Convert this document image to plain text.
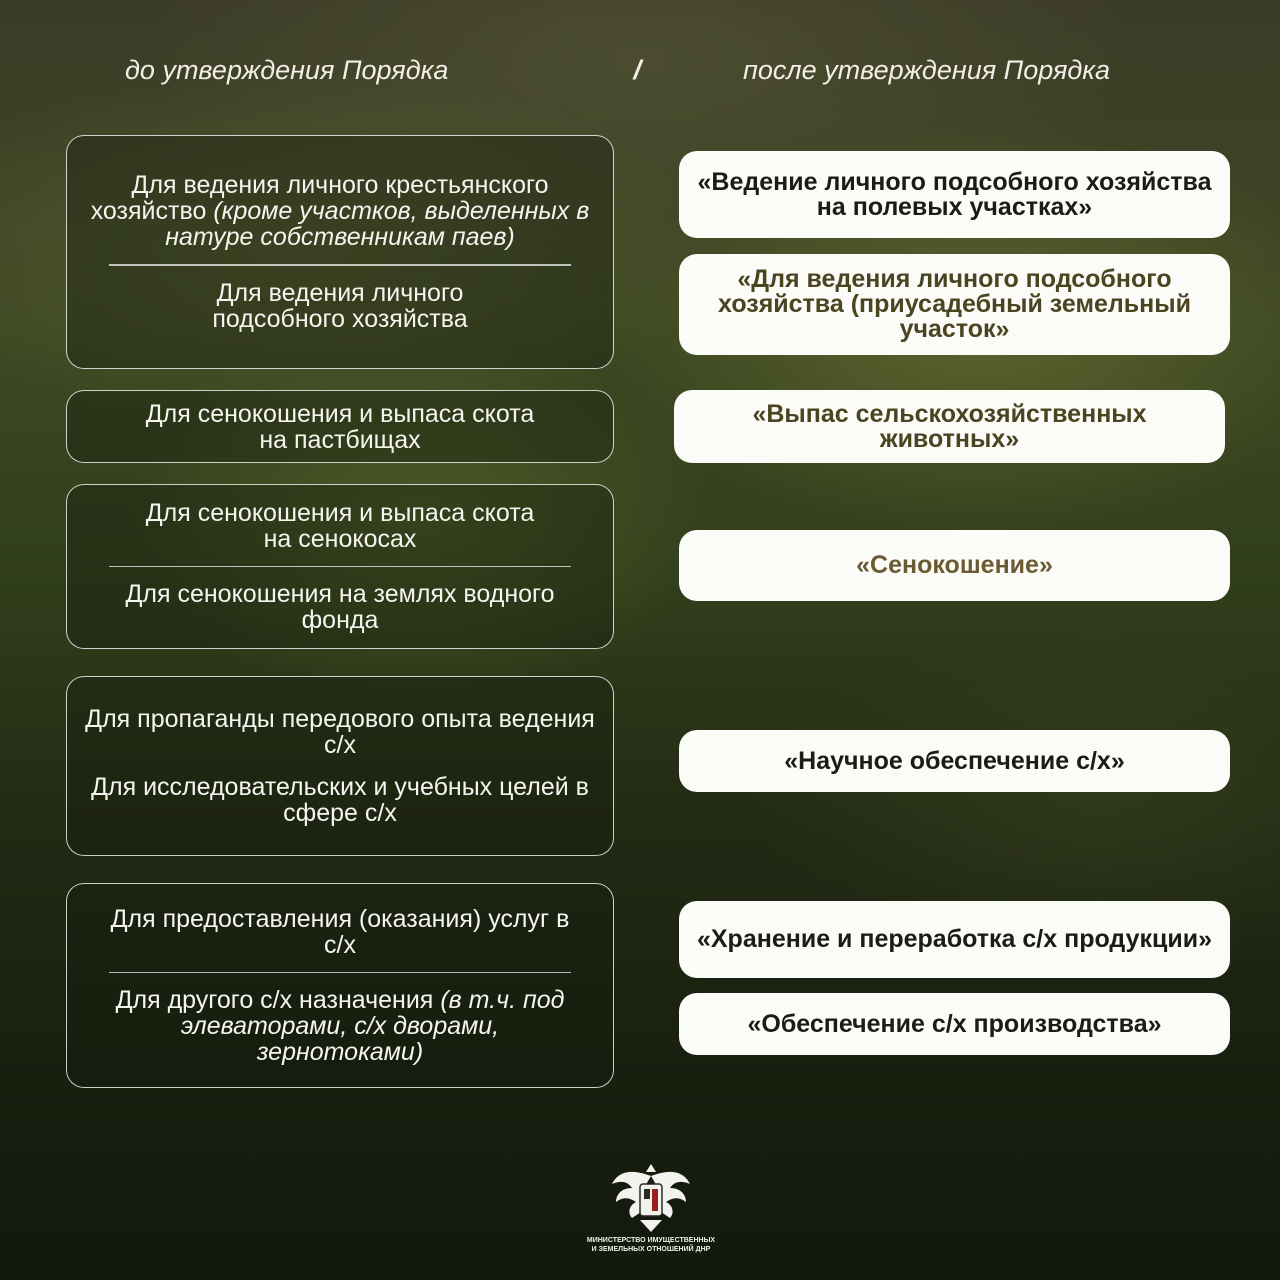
до утверждения Порядка	/	после утверждения Порядка
Для ведения личного крестьянского хозяйство (кроме участков, выделенных в натуре собственникам паев)
Для ведения личного подсобного хозяйства
«Ведение личного подсобного хозяйства на полевых участках»
«Для ведения личного подсобного хозяйства (приусадебный земельный участок»
Для сенокошения и выпаса скота на пастбищах
«Выпас сельскохозяйственных животных»
Для сенокошения и выпаса скота на сенокосах
Для сенокошения на землях водного фонда
«Сенокошение»
Для пропаганды передового опыта ведения с/х
Для исследовательских и учебных целей в сфере с/х
«Научное обеспечение с/х»
Для предоставления (оказания) услуг в с/х
Для другого с/х назначения (в т.ч. под элеваторами, с/х дворами, зернотоками)
«Хранение и переработка с/х продукции»
«Обеспечение с/х производства»
МИНИСТЕРСТВО ИМУЩЕСТВЕННЫХ
И ЗЕМЕЛЬНЫХ ОТНОШЕНИЙ ДНР
